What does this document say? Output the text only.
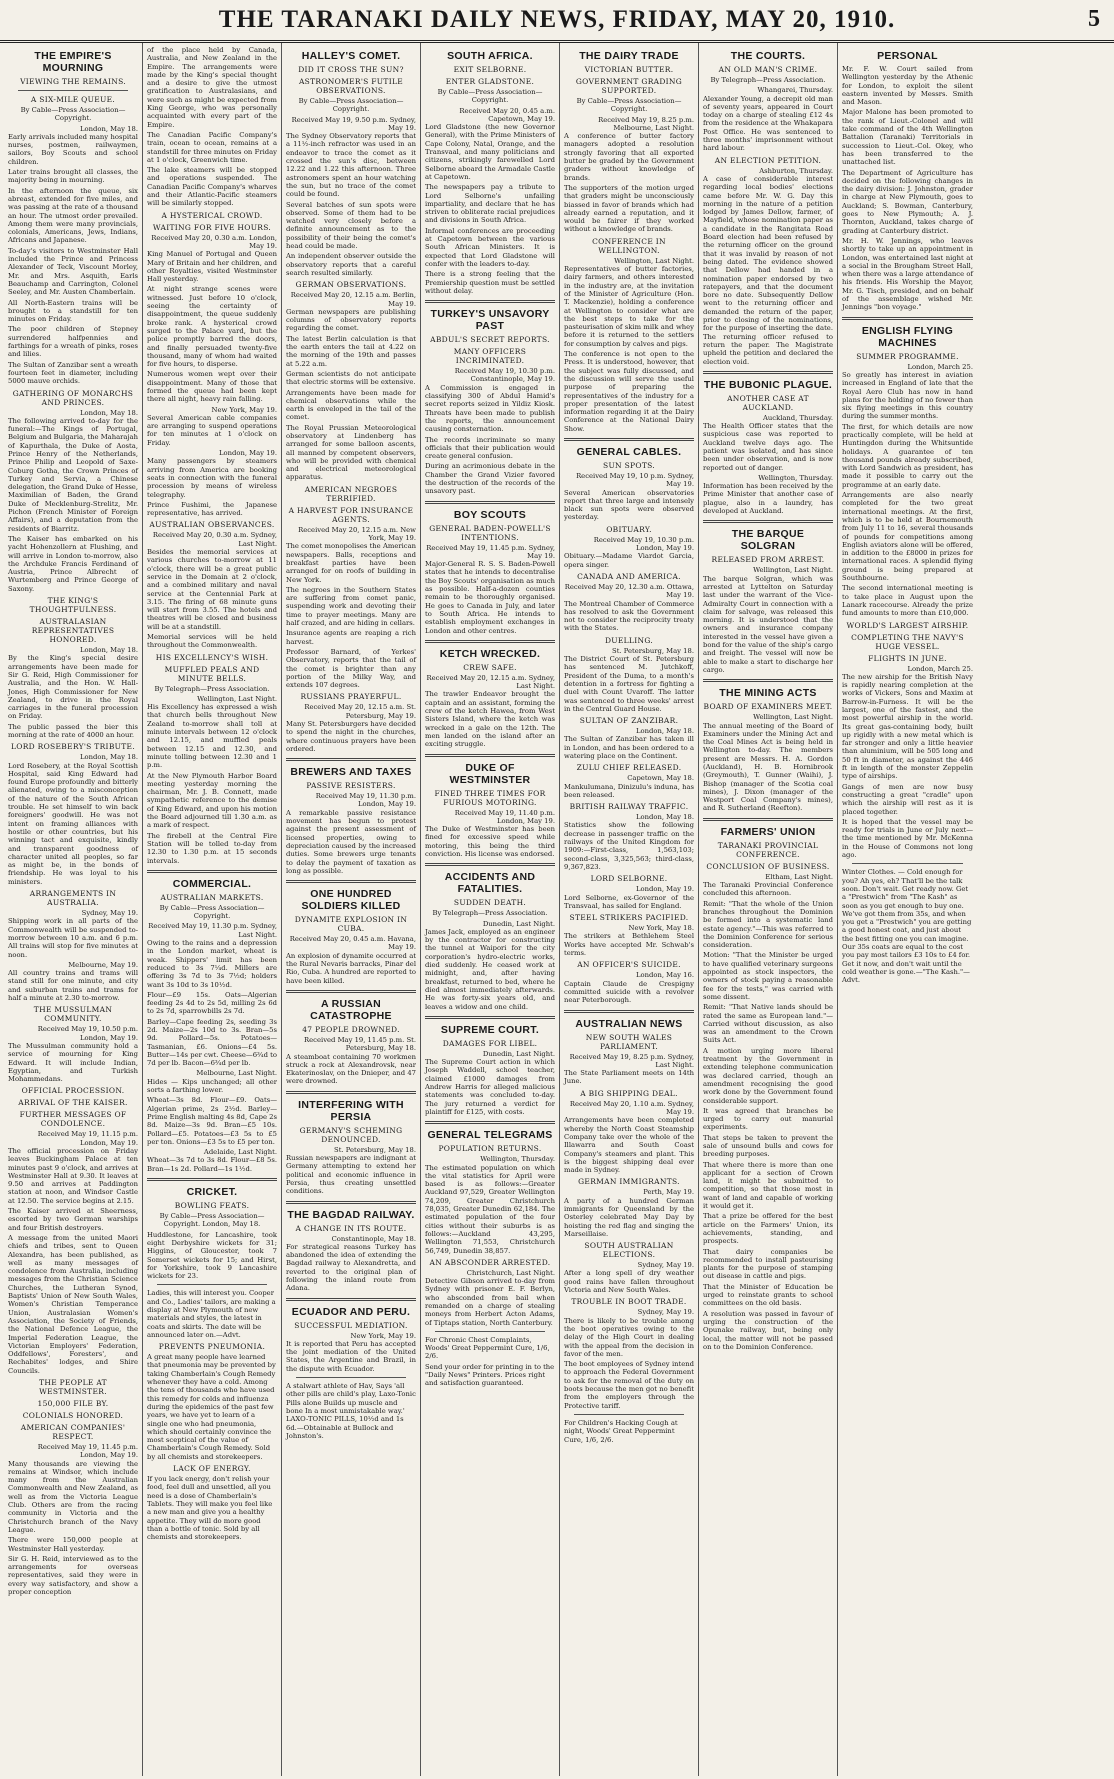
THE TARANAKI DAILY NEWS, FRIDAY, MAY 20, 1910.	5
THE EMPIRE'S MOURNING
VIEWING THE REMAINS.
A SIX-MILE QUEUE.

By Cable—Press Association—Copyright.

London, May 18.

Early arrivals included many hospital nurses, postmen, railwaymen, sailors, Boy Scouts and school children.

Later trains brought all classes, the majority being in mourning.

In the afternoon the queue, six abreast, extended for five miles, and was passing at the rate of a thousand an hour. The utmost order prevailed. Among them were many provincials, colonials, Americans, Jews, Indians, Africans and Japanese.

To-day's visitors to Westminster Hall included the Prince and Princess Alexander of Teck, Viscount Morley, Mr. and Mrs. Asquith, Earls Beauchamp and Carrington, Colonel Seeley, and Mr. Austen Chamberlain.

All North-Eastern trains will be brought to a standstill for ten minutes on Friday.

The poor children of Stepney surrendered halfpennies and farthings for a wreath of pinks, roses and lilies.

The Sultan of Zanzibar sent a wreath fourteen feet in diameter, including 5000 mauve orchids.

GATHERING OF MONARCHS AND PRINCES.

London, May 18.

The following arrived to-day for the funeral:—The Kings of Portugal, Belgium and Bulgaria, the Maharajah of Kapurthala, the Duke of Aosta, Prince Henry of the Netherlands, Prince Philip and Leopold of Saxe-Coburg Gotha, the Crown Princes of Turkey and Servia, a Chinese delegation, the Grand Duke of Hesse, Maximilian of Baden, the Grand Duke of Mecklenburg-Strelitz, Mr. Pichon (French Minister of Foreign Affairs), and a deputation from the residents of Biarritz.

The Kaiser has embarked on his yacht Hohenzollern at Flushing, and will arrive in London to-morrow, also the Archduke Francis Ferdinand of Austria, Prince Albrecht of Wurtemberg and Prince George of Saxony.

THE KING'S THOUGHTFULNESS.
AUSTRALASIAN REPRESENTATIVES HONORED.

London, May 18.

By the King's special desire arrangements have been made for Sir G. Reid, High Commissioner for Australia, and the Hon. W. Hall-Jones, High Commissioner for New Zealand, to drive in the Royal carriages in the funeral procession on Friday.

The public passed the bier this morning at the rate of 4000 an hour.

LORD ROSEBERY'S TRIBUTE.

London, May 18.

Lord Rosebery, at the Royal Scottish Hospital, said King Edward had found Europe profoundly and bitterly alienated, owing to a misconception of the nature of the South African trouble. He set himself to win back foreigners' goodwill. He was not intent on framing alliances with hostile or other countries, but his winning tact and exquisite, kindly and transparent goodness of character united all peoples, so far as might be, in the bonds of friendship. He was loyal to his ministers.

ARRANGEMENTS IN AUSTRALIA.

Sydney, May 19.

Shipping work in all parts of the Commonwealth will be suspended to-morrow between 10 a.m. and 6 p.m. All trains will stop for five minutes at noon.

Melbourne, May 19.

All country trains and trams will stand still for one minute, and city and suburban trains and trams for half a minute at 2.30 to-morrow.

THE MUSSULMAN COMMUNITY.

Received May 19, 10.50 p.m. London, May 19.

The Mussulman community hold a service of mourning for King Edward. It will include Indian, Egyptian, and Turkish Mohammedans.

OFFICIAL PROCESSION.
ARRIVAL OF THE KAISER.
FURTHER MESSAGES OF CONDOLENCE.

Received May 19, 11.15 p.m. London, May 19.

The official procession on Friday leaves Buckingham Palace at ten minutes past 9 o'clock, and arrives at Westminster Hall at 9.30. It leaves at 9.50 and arrives at Paddington station at noon, and Windsor Castle at 12.50. The service begins at 2.15.

The Kaiser arrived at Sheerness, escorted by two German warships and four British destroyers.

A message from the united Maori chiefs and tribes, sent to Queen Alexandra, has been published, as well as many messages of condolence from Australia, including messages from the Christian Science Churches, the Lutheran Synod, Baptists' Union of New South Wales, Women's Christian Temperance Union, Australasian Women's Association, the Society of Friends, the National Defence League, the Imperial Federation League, the Victorian Employers' Federation, Oddfellows', Foresters', and Rechabites' lodges, and Shire Councils.

THE PEOPLE AT WESTMINSTER.
150,000 FILE BY.
COLONIALS HONORED.
AMERICAN COMPANIES' RESPECT.

Received May 19, 11.45 p.m. London, May 19.

Many thousands are viewing the remains at Windsor, which include many from the Australian Commonwealth and New Zealand, as well as from the Victoria League Club. Others are from the racing community in Victoria and the Christchurch branch of the Navy League.

There were 150,000 people at Westminster Hall yesterday.

Sir G. H. Reid, interviewed as to the arrangements for overseas representatives, said they were in every way satisfactory, and show a proper conception

of the place held by Canada, Australia, and New Zealand in the Empire. The arrangements were made by the King's special thought and a desire to give the utmost gratification to Australasians, and were such as might be expected from King George, who was personally acquainted with every part of the Empire.

The Canadian Pacific Company's train, ocean to ocean, remains at a standstill for three minutes on Friday at 1 o'clock, Greenwich time.

The lake steamers will be stopped and operations suspended. The Canadian Pacific Company's wharves and their Atlantic-Pacific steamers will be similarly stopped.

A HYSTERICAL CROWD.
WAITING FOR FIVE HOURS.

Received May 20, 0.30 a.m. London, May 19.

King Manuel of Portugal and Queen Mary of Britain and her children, and other Royalties, visited Westminster Hall yesterday.

At night strange scenes were witnessed. Just before 10 o'clock, seeing the certainty of disappointment, the queue suddenly broke rank. A hysterical crowd surged to the Palace yard, but the police promptly barred the doors, and finally persuaded twenty-five thousand, many of whom had waited for five hours, to disperse.

Numerous women wept over their disappointment. Many of those that formed the queue had been kept there all night, heavy rain falling.

New York, May 19.

Several American cable companies are arranging to suspend operations for ten minutes at 1 o'clock on Friday.

London, May 19.

Many passengers by steamers arriving from America are booking seats in connection with the funeral procession by means of wireless telegraphy.

Prince Fushimi, the Japanese representative, has arrived.

AUSTRALIAN OBSERVANCES.

Received May 20, 0.30 a.m. Sydney, Last Night.

Besides the memorial services at various churches to-morrow at 11 o'clock, there will be a great public service in the Domain at 2 o'clock, and a combined military and naval service at the Centennial Park at 3.15. The firing of 68 minute guns will start from 3.55. The hotels and theatres will be closed and business will be at a standstill.

Memorial services will be held throughout the Commonwealth.

HIS EXCELLENCY'S WISH.
MUFFLED PEALS AND MINUTE BELLS.

By Telegraph—Press Association.

Wellington, Last Night.

His Excellency has expressed a wish that church bells throughout New Zealand to-morrow shall toll at minute intervals between 12 o'clock and 12.15, and muffled peals between 12.15 and 12.30, and minute tolling between 12.30 and 1 p.m.

At the New Plymouth Harbor Board meeting yesterday morning the chairman, Mr. J. B. Connett, made sympathetic reference to the demise of King Edward, and upon his motion the Board adjourned till 1.30 a.m. as a mark of respect.

The firebell at the Central Fire Station will be tolled to-day from 12.30 to 1.30 p.m. at 15 seconds intervals.

COMMERCIAL.
AUSTRALIAN MARKETS.

By Cable—Press Association—Copyright.

Received May 19, 11.30 p.m. Sydney, Last Night.

Owing to the rains and a depression in the London market, wheat is weak. Shippers' limit has been reduced to 3s 7¼d. Millers are offering 3s 7d to 3s 7½d; holders want 3s 10d to 3s 10½d.

Flour—£9 15s. Oats—Algerian feeding 2s 4d to 2s 5d, milling 2s 6d to 2s 7d, sparrowbills 2s 7d.

Barley—Cape feeding 2s, seeding 3s 2d. Maize—2s 10d to 3s. Bran—5s 9d. Pollard—5s. Potatoes—Tasmanian, £6. Onions—£4 5s. Butter—14s per cwt. Cheese—6¾d to 7d per lb. Bacon—6¾d per lb.

Melbourne, Last Night.

Hides — Kips unchanged; all other sorts a farthing lower.

Wheat—3s 8d. Flour—£9. Oats—Algerian prime, 2s 2½d. Barley—Prime English malting 4s 8d, Cape 2s 8d. Maize—3s 9d. Bran—£5 10s. Pollard—£5. Potatoes—£3 5s to £5 per ton. Onions—£3 5s to £5 per ton.

Adelaide, Last Night.

Wheat—3s 7d to 3s 8d. Flour—£8 5s. Bran—1s 2d. Pollard—1s 1½d.

CRICKET.
BOWLING FEATS.

By Cable—Press Association—Copyright. London, May 18.

Huddlestone, for Lancashire, took eight Derbyshire wickets for 31; Higgins, of Gloucester, took 7 Somerset wickets for 15; and Hirst, for Yorkshire, took 9 Lancashire wickets for 23.

Ladies, this will interest you. Cooper and Co., Ladies' tailors, are making a display at New Plymouth of new materials and styles, the latest in coats and skirts. The date will be announced later on.—Advt.

PREVENTS PNEUMONIA.

A great many people have learned that pneumonia may be prevented by taking Chamberlain's Cough Remedy whenever they have a cold. Among the tens of thousands who have used this remedy for colds and influenza during the epidemics of the past few years, we have yet to learn of a single one who had pneumonia, which should certainly convince the most sceptical of the value of Chamberlain's Cough Remedy. Sold by all chemists and storekeepers.

LACK OF ENERGY.

If you lack energy, don't relish your food, feel dull and unsettled, all you need is a dose of Chamberlain's Tablets. They will make you feel like a new man and give you a healthy appetite. They will do more good than a bottle of tonic. Sold by all chemists and storekeepers.

HALLEY'S COMET.
DID IT CROSS THE SUN?
ASTRONOMER'S FUTILE OBSERVATIONS.

By Cable—Press Association—Copyright.

Received May 19, 9.50 p.m. Sydney, May 19.

The Sydney Observatory reports that a 11½-inch refractor was used in an endeavor to trace the comet as it crossed the sun's disc, between 12.22 and 1.22 this afternoon. Three astronomers spent an hour watching the sun, but no trace of the comet could be found.

Several batches of sun spots were observed. Some of them had to be watched very closely before a definite announcement as to the possibility of their being the comet's head could be made.

An independent observer outside the observatory reports that a careful search resulted similarly.

GERMAN OBSERVATIONS.

Received May 20, 12.15 a.m. Berlin, May 19.

German newspapers are publishing columns of observatory reports regarding the comet.

The latest Berlin calculation is that the earth enters the tail at 4.22 on the morning of the 19th and passes at 5.22 a.m.

German scientists do not anticipate that electric storms will be extensive.

Arrangements have been made for chemical observations while the earth is enveloped in the tail of the comet.

The Royal Prussian Meteorological observatory at Lindenberg has arranged for some balloon ascents, all manned by competent observers, who will be provided with chemical and electrical meteorological apparatus.

AMERICAN NEGROES TERRIFIED.
A HARVEST FOR INSURANCE AGENTS.

Received May 20, 12.15 a.m. New York, May 19.

The comet monopolises the American newspapers. Balls, receptions and breakfast parties have been arranged for on roofs of building in New York.

The negroes in the Southern States are suffering from comet panic, suspending work and devoting their time to prayer meetings. Many are half crazed, and are hiding in cellars.

Insurance agents are reaping a rich harvest.

Professor Barnard, of Yerkes' Observatory, reports that the tail of the comet is brighter than any portion of the Milky Way, and extends 107 degrees.

RUSSIANS PRAYERFUL.

Received May 20, 12.15 a.m. St. Petersburg, May 19.

Many St. Petersburgers have decided to spend the night in the churches, where continuous prayers have been ordered.

BREWERS AND TAXES
PASSIVE RESISTERS.

Received May 19, 11.30 p.m. London, May 19.

A remarkable passive resistance movement has begun to protest against the present assessment of licensed properties, owing to depreciation caused by the increased duties. Some brewers urge tenants to delay the payment of taxation as long as possible.

ONE HUNDRED SOLDIERS KILLED
DYNAMITE EXPLOSION IN CUBA.

Received May 20, 0.45 a.m. Havana, May 19.

An explosion of dynamite occurred at the Rural Nevaris barracks, Pinar del Rio, Cuba. A hundred are reported to have been killed.

A RUSSIAN CATASTROPHE
47 PEOPLE DROWNED.

Received May 19, 11.45 p.m. St. Petersburg, May 18.

A steamboat containing 70 workmen struck a rock at Alexandrovsk, near Ekaterinoslav, on the Dnieper, and 47 were drowned.

INTERFERING WITH PERSIA
GERMANY'S SCHEMING DENOUNCED.

St. Petersburg, May 18.

Russian newspapers are indignant at Germany attempting to extend her political and economic influence in Persia, thus creating unsettled conditions.

THE BAGDAD RAILWAY.
A CHANGE IN ITS ROUTE.

Constantinople, May 18.

For strategical reasons Turkey has abandoned the idea of extending the Bagdad railway to Alexandretta, and reverted to the original plan of following the inland route from Adana.

ECUADOR AND PERU.
SUCCESSFUL MEDIATION.

New York, May 19.

It is reported that Peru has accepted the joint mediation of the United States, the Argentine and Brazil, in the dispute with Ecuador.

A stalwart athlete of Hav, Says 'all other pills are child's play, Laxo-Tonic Pills alone Builds up muscle and bone In a most unmistakable way.' LAXO-TONIC PILLS, 10½d and 1s 6d.—Obtainable at Bullock and Johnston's.

SOUTH AFRICA.
EXIT SELBORNE.
ENTER GLADSTONE.

By Cable—Press Association—Copyright.

Received May 20, 0.45 a.m. Capetown, May 19.

Lord Gladstone (the new Governor General), with the Prime Ministers of Cape Colony, Natal, Orange, and the Transvaal, and many politicians and citizens, strikingly farewelled Lord Selborne aboard the Armadale Castle at Capetown.

The newspapers pay a tribute to Lord Selborne's unfailing impartiality, and declare that he has striven to obliterate racial prejudices and divisions in South Africa.

Informal conferences are proceeding at Capetown between the various South African Ministers. It is expected that Lord Gladstone will confer with the leaders to-day.

There is a strong feeling that the Premiership question must be settled without delay.

TURKEY'S UNSAVORY PAST
ABDUL'S SECRET REPORTS.
MANY OFFICERS INCRIMINATED.

Received May 19, 10.30 p.m. Constantinople, May 19.

A Commission is engaged in classifying 300 of Abdul Hamid's secret reports seized in Yildiz Kiosk. Threats have been made to publish the reports, the announcement causing consternation.

The records incriminate so many officials that their publication would create general confusion.

During an acrimonious debate in the Chamber the Grand Vizier favored the destruction of the records of the unsavory past.

BOY SCOUTS
GENERAL BADEN-POWELL'S INTENTIONS.

Received May 19, 11.45 p.m. Sydney, May 19.

Major-General R. S. S. Baden-Powell states that he intends to decentralise the Boy Scouts' organisation as much as possible. Half-a-dozen counties remain to be thoroughly organised. He goes to Canada in July, and later to South Africa. He intends to establish employment exchanges in London and other centres.

KETCH WRECKED.
CREW SAFE.

Received May 20, 12.15 a.m. Sydney, Last Night.

The trawler Endeavor brought the captain and an assistant, forming the crew of the ketch Hawea, from West Sisters Island, where the ketch was wrecked in a gale on the 12th. The men landed on the island after an exciting struggle.

DUKE OF WESTMINSTER
FINED THREE TIMES FOR FURIOUS MOTORING.

Received May 19, 11.40 p.m. London, May 19.

The Duke of Westminster has been fined for excessive speed while motoring, this being the third conviction. His license was endorsed.

ACCIDENTS AND FATALITIES.
SUDDEN DEATH.

By Telegraph—Press Association.

Dunedin, Last Night.

James Jack, employed as an engineer by the contractor for constructing the tunnel at Waipori for the city corporation's hydro-electric works, died suddenly. He ceased work at midnight, and, after having breakfast, returned to bed, where he died almost immediately afterwards. He was forty-six years old, and leaves a widow and one child.

SUPREME COURT.
DAMAGES FOR LIBEL.

Dunedin, Last Night.

The Supreme Court action in which Joseph Waddell, school teacher, claimed £1000 damages from Andrew Harris for alleged malicious statements was concluded to-day. The jury returned a verdict for plaintiff for £125, with costs.

GENERAL TELEGRAMS
POPULATION RETURNS.

Wellington, Thursday.

The estimated population on which the vital statistics for April were based is as follows:—Greater Auckland 97,529, Greater Wellington 74,209, Greater Christchurch 78,035, Greater Dunedin 62,184. The estimated population of the four cities without their suburbs is as follows:—Auckland 43,295, Wellington 71,553, Christchurch 56,749, Dunedin 38,857.

AN ABSCONDER ARRESTED.

Christchurch, Last Night.

Detective Gibson arrived to-day from Sydney with prisoner E. F. Berlyn, who absconded from bail when remanded on a charge of stealing moneys from Herbert Acton Adams, of Tiptaps station, North Canterbury.

For Chronic Chest Complaints, Woods' Great Peppermint Cure, 1/6, 2/6.

Send your order for printing in to the "Daily News" Printers. Prices right and satisfaction guaranteed.

THE DAIRY TRADE
VICTORIAN BUTTER.
GOVERNMENT GRADING SUPPORTED.

By Cable—Press Association—Copyright.

Received May 19, 8.25 p.m. Melbourne, Last Night.

A conference of butter factory managers adopted a resolution strongly favoring that all exported butter be graded by the Government graders without knowledge of brands.

The supporters of the motion urged that graders might be unconsciously biassed in favor of brands which had already earned a reputation, and it would be fairer if they worked without a knowledge of brands.

CONFERENCE IN WELLINGTON.

Wellington, Last Night.

Representatives of butter factories, dairy farmers, and others interested in the industry are, at the invitation of the Minister of Agriculture (Hon. T. Mackenzie), holding a conference at Wellington to consider what are the best steps to take for the pasteurisation of skim milk and whey before it is returned to the settlers for consumption by calves and pigs.

The conference is not open to the Press. It is understood, however, that the subject was fully discussed, and the discussion will serve the useful purpose of preparing the representatives of the industry for a proper presentation of the latest information regarding it at the Dairy Conference at the National Dairy Show.

GENERAL CABLES.
SUN SPOTS.

Received May 19, 10 p.m. Sydney, May 19.

Several American observatories report that three large and intensely black sun spots were observed yesterday.

OBITUARY.

Received May 19, 10.30 p.m. London, May 19.

Obituary.—Madame Viardot Garcia, opera singer.

CANADA AND AMERICA.

Received May 20, 12.30 a.m. Ottawa, May 19.

The Montreal Chamber of Commerce has resolved to ask the Government not to consider the reciprocity treaty with the States.

DUELLING.

St. Petersburg, May 18.

The District Court of St. Petersburg has sentenced M. Jutchkoff, President of the Duma, to a month's detention in a fortress for fighting a duel with Count Uvaroff. The latter was sentenced to three weeks' arrest in the Central Guard House.

SULTAN OF ZANZIBAR.

London, May 18.

The Sultan of Zanzibar has taken ill in London, and has been ordered to a watering place on the Continent.

ZULU CHIEF RELEASED.

Capetown, May 18.

Mankulumana, Dinizulu's induna, has been released.

BRITISH RAILWAY TRAFFIC.

London, May 18.

Statistics show the following decrease in passenger traffic on the railways of the United Kingdom for 1909:—First-class, 1,563,103; second-class, 3,325,563; third-class, 9,367,823.

LORD SELBORNE.

London, May 19.

Lord Selborne, ex-Governor of the Transvaal, has sailed for England.

STEEL STRIKERS PACIFIED.

New York, May 18.

The strikers at Bethlehem Steel Works have accepted Mr. Schwab's terms.

AN OFFICER'S SUICIDE.

London, May 16.

Captain Claude de Crespigny committed suicide with a revolver near Peterborough.

AUSTRALIAN NEWS
NEW SOUTH WALES PARLIAMENT.

Received May 19, 8.25 p.m. Sydney, Last Night.

The State Parliament meets on 14th June.

A BIG SHIPPING DEAL.

Received May 20, 1.10 a.m. Sydney, May 19.

Arrangements have been completed whereby the North Coast Steamship Company take over the whole of the Illawarra and South Coast Company's steamers and plant. This is the biggest shipping deal ever made in Sydney.

GERMAN IMMIGRANTS.

Perth, May 19.

A party of a hundred German immigrants for Queensland by the Osterley celebrated May Day by hoisting the red flag and singing the Marseillaise.

SOUTH AUSTRALIAN ELECTIONS.

Sydney, May 19.

After a long spell of dry weather good rains have fallen throughout Victoria and New South Wales.

TROUBLE IN BOOT TRADE.

Sydney, May 19.

There is likely to be trouble among the boot operatives owing to the delay of the High Court in dealing with the appeal from the decision in favor of the men.

The boot employees of Sydney intend to approach the Federal Government to ask for the removal of the duty on boots because the men got no benefit from the employers through the Protective tariff.

For Children's Hacking Cough at night, Woods' Great Peppermint Cure, 1/6, 2/6.

THE COURTS.
AN OLD MAN'S CRIME.

By Telegraph—Press Association.

Whangarei, Thursday.

Alexander Young, a decrepit old man of seventy years, appeared in Court today on a charge of stealing £12 4s from the residence at the Whakapara Post Office. He was sentenced to three months' imprisonment without hard labour.

AN ELECTION PETITION.

Ashburton, Thursday.

A case of considerable interest regarding local bodies' elections came before Mr. W. G. Day this morning in the nature of a petition lodged by James Dellow, farmer, of Mayfield, whose nomination paper as a candidate in the Rangitata Road Board election had been refused by the returning officer on the ground that it was invalid by reason of not being dated. The evidence showed that Dellow had handed in a nomination paper endorsed by two ratepayers, and that the document bore no date. Subsequently Dellow went to the returning officer and demanded the return of the paper, prior to closing of the nominations, for the purpose of inserting the date. The returning officer refused to return the paper. The Magistrate upheld the petition and declared the election void.

THE BUBONIC PLAGUE.
ANOTHER CASE AT AUCKLAND.

Auckland, Thursday.

The Health Officer states that the suspicious case was reported to Auckland twelve days ago. The patient was isolated, and has since been under observation, and is now reported out of danger.

Wellington, Thursday.

Information has been received by the Prime Minister that another case of plague, also in a laundry, has developed at Auckland.

THE BARQUE SOLGRAN
RELEASED FROM ARREST.

Wellington, Last Night.

The barque Solgran, which was arrested at Lyttelton on Saturday last under the warrant of the Vice-Admiralty Court in connection with a claim for salvage, was released this morning. It is understood that the owners and insurance company interested in the vessel have given a bond for the value of the ship's cargo and freight. The vessel will now be able to make a start to discharge her cargo.

THE MINING ACTS
BOARD OF EXAMINERS MEET.

Wellington, Last Night.

The annual meeting of the Board of Examiners under the Mining Act and the Coal Mines Act is being held in Wellington to-day. The members present are Messrs. H. A. Gordon (Auckland), H. B. Hornibrook (Greymouth), T. Gunner (Waihi), J. Bishop (manager of the Scotia coal mines), J. Dixon (manager of the Westport Coal Company's mines), and R. Sutherland (Reefton).

FARMERS' UNION
TARANAKI PROVINCIAL CONFERENCE.
CONCLUSION OF BUSINESS.

Eltham, Last Night.

The Taranaki Provincial Conference concluded this afternoon.

Remit: "That the whole of the Union branches throughout the Dominion be formed into a systematic land estate agency."—This was referred to the Dominion Conference for serious consideration.

Motion: "That the Minister be urged to have qualified veterinary surgeons appointed as stock inspectors, the owners of stock paying a reasonable fee for the tests," was carried with some dissent.

Remit: "That Native lands should be rated the same as European land."—Carried without discussion, as also was an amendment to the Crown Suits Act.

A motion urging more liberal treatment by the Government in extending telephone communication was declared carried, though an amendment recognising the good work done by the Government found considerable support.

It was agreed that branches be urged to carry out manurial experiments.

That steps be taken to prevent the sale of unsound bulls and cows for breeding purposes.

That where there is more than one applicant for a section of Crown land, it might be submitted to competition, so that those most in want of land and capable of working it would get it.

That a prize be offered for the best article on the Farmers' Union, its achievements, standing, and prospects.

That dairy companies be recommended to install pasteurising plants for the purpose of stamping out disease in cattle and pigs.

That the Minister of Education be urged to reinstate grants to school committees on the old basis.

A resolution was passed in favour of urging the construction of the Opunake railway, but, being only local, the matter will not be passed on to the Dominion Conference.

PERSONAL

Mr. F. W. Court sailed from Wellington yesterday by the Athenic for London, to exploit the silent eastern invented by Messrs. Smith and Mason.

Major Malone has been promoted to the rank of Lieut.-Colonel and will take command of the 4th Wellington Battalion (Taranaki) Territorials in succession to Lieut.-Col. Okey, who has been transferred to the unattached list.

The Department of Agriculture has decided on the following changes in the dairy division: J. Johnston, grader in charge at New Plymouth, goes to Auckland; S. Bowman, Canterbury, goes to New Plymouth; A. J. Thornton, Auckland, takes charge of grading at Canterbury district.

Mr. H. W. Jennings, who leaves shortly to take up an appointment in London, was entertained last night at a social in the Brougham Street Hall, when there was a large attendance of his friends. His Worship the Mayor, Mr. G. Tisch, presided, and on behalf of the assemblage wished Mr. Jennings "bon voyage."

ENGLISH FLYING MACHINES
SUMMER PROGRAMME.

London, March 25.

So greatly has interest in aviation increased in England of late that the Royal Aero Club has now in hand plans for the holding of no fewer than six flying meetings in this country during the summer months.

The first, for which details are now practically complete, will be held at Huntingdon during the Whitsuntide holidays. A guarantee of ten thousand pounds already subscribed, with Lord Sandwich as president, has made it possible to carry out the programme at an early date.

Arrangements are also nearly completed for the two great international meetings. At the first, which is to be held at Bournemouth from July 11 to 16, several thousands of pounds for competitions among English aviators alone will be offered, in addition to the £8000 in prizes for international races. A splendid flying ground is being prepared at Southbourne.

The second international meeting is to take place in August upon the Lanark racecourse. Already the prize fund amounts to more than £10,000.

WORLD'S LARGEST AIRSHIP.
COMPLETING THE NAVY'S HUGE VESSEL.
FLIGHTS IN JUNE.

London, March 25.

The new airship for the British Navy is rapidly nearing completion at the works of Vickers, Sons and Maxim at Barrow-in-Furness. It will be the largest, one of the fastest, and the most powerful airship in the world. Its great gas-containing body, built up rigidly with a new metal which is far stronger and only a little heavier than aluminium, will be 505 long and 50 ft in diameter, as against the 446 ft in length of the monster Zeppelin type of airships.

Gangs of men are now busy constructing a great "cradle" upon which the airship will rest as it is placed together.

It is hoped that the vessel may be ready for trials in June or July next—the time mentioned by Mr. McKenna in the House of Commons not long ago.

Winter Clothes. — Cold enough for you? Ah yes, eh? That'll be the talk soon. Don't wait. Get ready now. Get a "Prestwich" from "The Kash" as soon as you get enough to buy one. We've got them from 35s, and when you get a "Prestwich" you are getting a good honest coat, and just about the best fitting one you can imagine. Our 35s coats are equal to the cost you pay most tailors £3 10s to £4 for. Get it now, and don't wait until the cold weather is gone.—"The Kash."—Advt.
